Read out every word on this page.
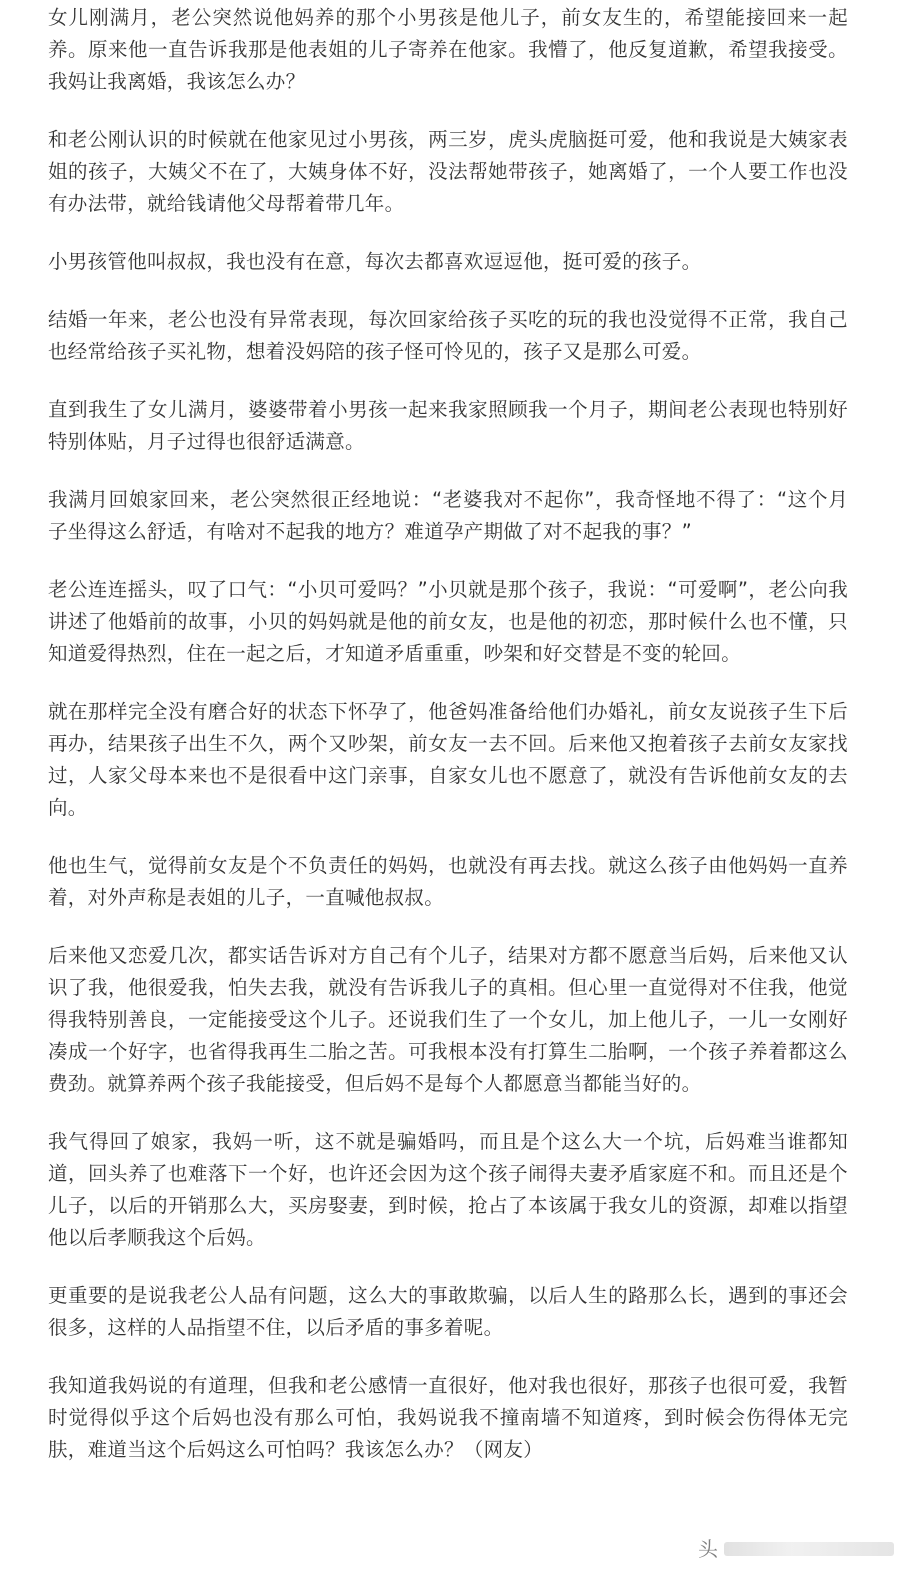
女儿刚满月，老公突然说他妈养的那个小男孩是他儿子，前女友生的，希望能接回来一起养。原来他一直告诉我那是他表姐的儿子寄养在他家。我懵了，他反复道歉，希望我接受。我妈让我离婚，我该怎么办？

和老公刚认识的时候就在他家见过小男孩，两三岁，虎头虎脑挺可爱，他和我说是大姨家表姐的孩子，大姨父不在了，大姨身体不好，没法帮她带孩子，她离婚了，一个人要工作也没有办法带，就给钱请他父母帮着带几年。

小男孩管他叫叔叔，我也没有在意，每次去都喜欢逗逗他，挺可爱的孩子。

结婚一年来，老公也没有异常表现，每次回家给孩子买吃的玩的我也没觉得不正常，我自己也经常给孩子买礼物，想着没妈陪的孩子怪可怜见的，孩子又是那么可爱。

直到我生了女儿满月，婆婆带着小男孩一起来我家照顾我一个月子，期间老公表现也特别好特别体贴，月子过得也很舒适满意。

我满月回娘家回来，老公突然很正经地说：“老婆我对不起你”，我奇怪地不得了：“这个月子坐得这么舒适，有啥对不起我的地方？难道孕产期做了对不起我的事？”

老公连连摇头，叹了口气：“小贝可爱吗？”小贝就是那个孩子，我说：“可爱啊”，老公向我讲述了他婚前的故事，小贝的妈妈就是他的前女友，也是他的初恋，那时候什么也不懂，只知道爱得热烈，住在一起之后，才知道矛盾重重，吵架和好交替是不变的轮回。

就在那样完全没有磨合好的状态下怀孕了，他爸妈准备给他们办婚礼，前女友说孩子生下后再办，结果孩子出生不久，两个又吵架，前女友一去不回。后来他又抱着孩子去前女友家找过，人家父母本来也不是很看中这门亲事，自家女儿也不愿意了，就没有告诉他前女友的去向。

他也生气，觉得前女友是个不负责任的妈妈，也就没有再去找。就这么孩子由他妈妈一直养着，对外声称是表姐的儿子，一直喊他叔叔。

后来他又恋爱几次，都实话告诉对方自己有个儿子，结果对方都不愿意当后妈，后来他又认识了我，他很爱我，怕失去我，就没有告诉我儿子的真相。但心里一直觉得对不住我，他觉得我特别善良，一定能接受这个儿子。还说我们生了一个女儿，加上他儿子，一儿一女刚好凑成一个好字，也省得我再生二胎之苦。可我根本没有打算生二胎啊，一个孩子养着都这么费劲。就算养两个孩子我能接受，但后妈不是每个人都愿意当都能当好的。

我气得回了娘家，我妈一听，这不就是骗婚吗，而且是个这么大一个坑，后妈难当谁都知道，回头养了也难落下一个好，也许还会因为这个孩子闹得夫妻矛盾家庭不和。而且还是个儿子，以后的开销那么大，买房娶妻，到时候，抢占了本该属于我女儿的资源，却难以指望他以后孝顺我这个后妈。

更重要的是说我老公人品有问题，这么大的事敢欺骗，以后人生的路那么长，遇到的事还会很多，这样的人品指望不住，以后矛盾的事多着呢。

我知道我妈说的有道理，但我和老公感情一直很好，他对我也很好，那孩子也很可爱，我暂时觉得似乎这个后妈也没有那么可怕，我妈说我不撞南墙不知道疼，到时候会伤得体无完肤，难道当这个后妈这么可怕吗？我该怎么办？（网友）

头
